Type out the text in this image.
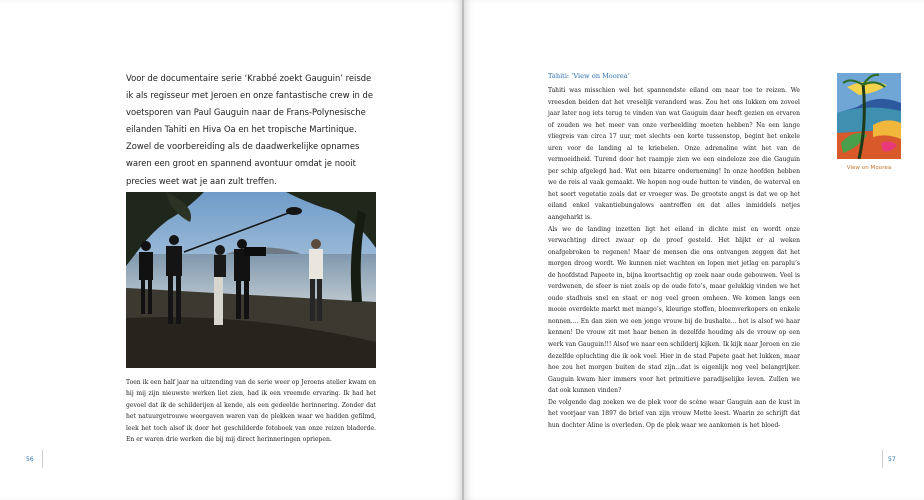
Voor de documentaire serie ‘Krabbé zoekt Gauguin’ reisde ik als regisseur met Jeroen en onze fantastische crew in de voetsporen van Paul Gauguin naar de Frans-Polynesische eilanden Tahiti en Hiva Oa en het tropische Martinique. Zowel de voorbereiding als de daadwerkelijke opnames waren een groot en spannend avontuur omdat je nooit precies weet wat je aan zult treffen.

Toen ik een half jaar na uitzending van de serie weer op Jeroens atelier kwam en hij mij zijn nieuwste werken liet zien, had ik een vreemde ervaring. Ik had het gevoel dat ik de schilderijen al kende, als een gedeelde herinnering. Zonder dat het natuurgetrouwe weergaven waren van de plekken waar we hadden gefilmd, leek het toch alsof ik door het geschilderde fotoboek van onze reizen bladerde. En er waren drie werken die bij mij direct herinneringen opriepen.

56

Tahiti: ‘View on Moorea’

Tahiti was misschien wel het spannendste eiland om naar toe te reizen. We vreesden beiden dat het vreselijk veranderd was. Zou het ons lukken om zoveel jaar later nog iets terug te vinden van wat Gauguin daar heeft gezien en ervaren of zouden we het meer van onze verbeelding moeten hebben? Na een lange vliegreis van circa 17 uur, met slechts een korte tussenstop, begint het enkele uren voor de landing al te kriebelen. Onze adrenaline wint het van de vermoeidheid. Turend door het raampje zien we een eindeloze zee die Gauguin per schip afgelegd had. Wat een bizarre onderneming! In onze hoofden hebben we de reis al vaak gemaakt. We hopen nog oude hutten te vinden, de waterval en het soort vegetatie zoals dat er vroeger was. De grootste angst is dat we op het eiland enkel vakantiebungalows aantreffen en dat alles inmiddels netjes aangeharkt is.
Als we de landing inzetten ligt het eiland in dichte mist en wordt onze verwachting direct zwaar op de proef gesteld. Het blijkt er al weken onafgebroken te regenen! Maar de mensen die ons ontvangen zeggen dat het morgen droog wordt. We kunnen niet wachten en lopen met jetlag en paraplu’s de hoofdstad Papeete in, bijna koortsachtig op zoek naar oude gebouwen. Veel is verdwenen, de sfeer is niet zoals op de oude foto’s, maar gelukkig vinden we het oude stadhuis snel en staat er nog veel groen omheen. We komen langs een mooie overdekte markt met mango’s, kleurige stoffen, bloemverkopers en enkele nonnen.... En dan zien we een jonge vrouw bij de bushalte... het is alsof we haar kennen! De vrouw zit met haar benen in dezelfde houding als de vrouw op een werk van Gauguin!!! Alsof we naar een schilderij kijken. Ik kijk naar Jeroen en zie dezelfde opluchting die ik ook voel. Hier in de stad Papete gaat het lukken, maar hoe zou het morgen buiten de stad zijn...dat is eigenlijk nog veel belangrijker. Gauguin kwam hier immers voor het primitieve paradijselijke leven. Zullen we dat ook kunnen vinden?
De volgende dag zoeken we de plek voor de scène waar Gauguin aan de kust in het voorjaar van 1897 de brief van zijn vrouw Mette leest. Waarin ze schrijft dat hun dochter Aline is overleden. Op de plek waar we aankomen is het bloed-

View on Moorea

57
